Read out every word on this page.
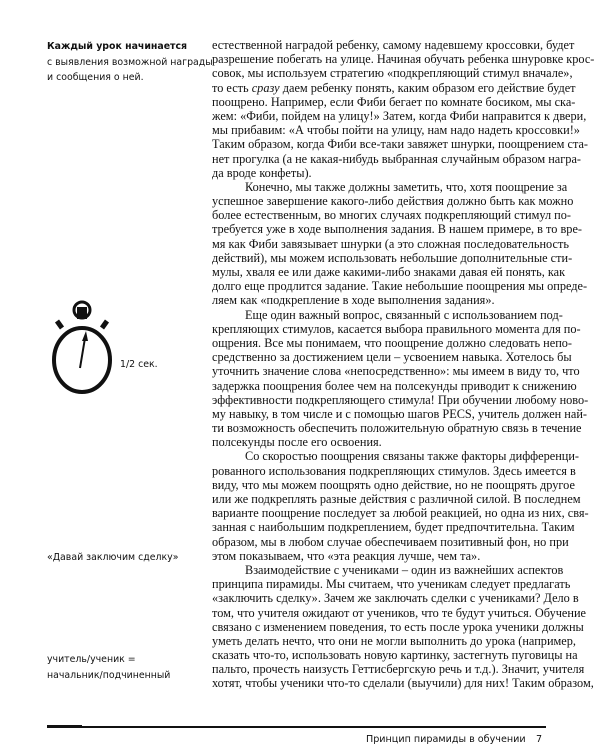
Каждый урок начинается
с выявления возможной награды
и сообщения о ней.
1/2 сек.
«Давай заключим сделку»
учитель/ученик =
начальник/подчиненный
естественной наградой ребенку, самому надевшему кроссовки, будет
разрешение побегать на улице. Начиная обучать ребенка шнуровке крос-
совок, мы используем стратегию «подкрепляющий стимул вначале»,
то есть сразу даем ребенку понять, каким образом его действие будет
поощрено. Например, если Фиби бегает по комнате босиком, мы ска-
жем: «Фиби, пойдем на улицу!» Затем, когда Фиби направится к двери,
мы прибавим: «А чтобы пойти на улицу, нам надо надеть кроссовки!»
Таким образом, когда Фиби все-таки завяжет шнурки, поощрением ста-
нет прогулка (а не какая-нибудь выбранная случайным образом награ-
да вроде конфеты).
Конечно, мы также должны заметить, что, хотя поощрение за
успешное завершение какого-либо действия должно быть как можно
более естественным, во многих случаях подкрепляющий стимул по-
требуется уже в ходе выполнения задания. В нашем примере, в то вре-
мя как Фиби завязывает шнурки (а это сложная последовательность
действий), мы можем использовать небольшие дополнительные сти-
мулы, хваля ее или даже какими-либо знаками давая ей понять, как
долго еще продлится задание. Такие небольшие поощрения мы опреде-
ляем как «подкрепление в ходе выполнения задания».
Еще один важный вопрос, связанный с использованием под-
крепляющих стимулов, касается выбора правильного момента для по-
ощрения. Все мы понимаем, что поощрение должно следовать непо-
средственно за достижением цели – усвоением навыка. Хотелось бы
уточнить значение слова «непосредственно»: мы имеем в виду то, что
задержка поощрения более чем на полсекунды приводит к снижению
эффективности подкрепляющего стимула! При обучении любому ново-
му навыку, в том числе и с помощью шагов PECS, учитель должен най-
ти возможность обеспечить положительную обратную связь в течение
полсекунды после его освоения.
Со скоростью поощрения связаны также факторы дифференци-
рованного использования подкрепляющих стимулов. Здесь имеется в
виду, что мы можем поощрять одно действие, но не поощрять другое
или же подкреплять разные действия с различной силой. В последнем
варианте поощрение последует за любой реакцией, но одна из них, свя-
занная с наибольшим подкреплением, будет предпочтительна. Таким
образом, мы в любом случае обеспечиваем позитивный фон, но при
этом показываем, что «эта реакция лучше, чем та».
Взаимодействие с учениками – один из важнейших аспектов
принципа пирамиды. Мы считаем, что ученикам следует предлагать
«заключить сделку». Зачем же заключать сделки с учениками? Дело в
том, что учителя ожидают от учеников, что те будут учиться. Обучение
связано с изменением поведения, то есть после урока ученики должны
уметь делать нечто, что они не могли выполнить до урока (например,
сказать что-то, использовать новую картинку, застегнуть пуговицы на
пальто, прочесть наизусть Геттисбергскую речь и т.д.). Значит, учителя
хотят, чтобы ученики что-то сделали (выучили) для них! Таким образом,
Принцип пирамиды в обучении 7
